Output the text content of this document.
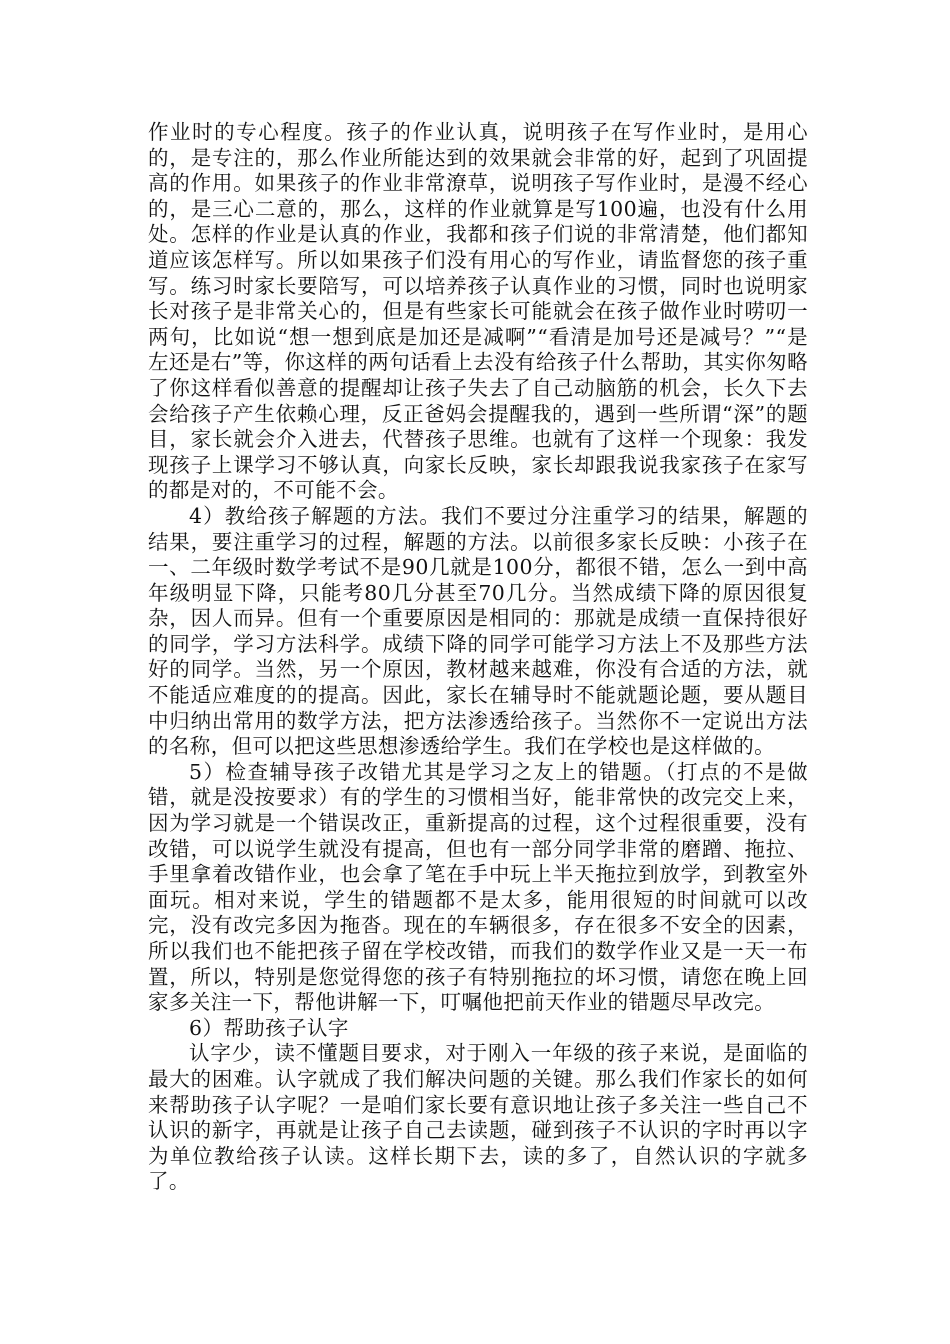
作业时的专心程度。孩子的作业认真，说明孩子在写作业时，是用心的，是专注的，那么作业所能达到的效果就会非常的好，起到了巩固提高的作用。如果孩子的作业非常潦草，说明孩子写作业时，是漫不经心的，是三心二意的，那么，这样的作业就算是写100遍，也没有什么用处。怎样的作业是认真的作业，我都和孩子们说的非常清楚，他们都知道应该怎样写。所以如果孩子们没有用心的写作业，请监督您的孩子重写。练习时家长要陪写，可以培养孩子认真作业的习惯，同时也说明家长对孩子是非常关心的，但是有些家长可能就会在孩子做作业时唠叨一两句，比如说“想一想到底是加还是减啊”“看清是加号还是减号？”“是左还是右”等，你这样的两句话看上去没有给孩子什么帮助，其实你匆略了你这样看似善意的提醒却让孩子失去了自己动脑筋的机会，长久下去会给孩子产生依赖心理，反正爸妈会提醒我的，遇到一些所谓“深”的题目，家长就会介入进去，代替孩子思维。也就有了这样一个现象：我发现孩子上课学习不够认真，向家长反映，家长却跟我说我家孩子在家写的都是对的，不可能不会。

4）教给孩子解题的方法。我们不要过分注重学习的结果，解题的结果，要注重学习的过程，解题的方法。以前很多家长反映：小孩子在一、二年级时数学考试不是90几就是100分，都很不错，怎么一到中高年级明显下降，只能考80几分甚至70几分。当然成绩下降的原因很复杂，因人而异。但有一个重要原因是相同的：那就是成绩一直保持很好的同学，学习方法科学。成绩下降的同学可能学习方法上不及那些方法好的同学。当然，另一个原因，教材越来越难，你没有合适的方法，就不能适应难度的的提高。因此，家长在辅导时不能就题论题，要从题目中归纳出常用的数学方法，把方法渗透给孩子。当然你不一定说出方法的名称，但可以把这些思想渗透给学生。我们在学校也是这样做的。

5）检查辅导孩子改错尤其是学习之友上的错题。（打点的不是做错，就是没按要求）有的学生的习惯相当好，能非常快的改完交上来，因为学习就是一个错误改正，重新提高的过程，这个过程很重要，没有改错，可以说学生就没有提高，但也有一部分同学非常的磨蹭、拖拉、手里拿着改错作业，也会拿了笔在手中玩上半天拖拉到放学，到教室外面玩。相对来说，学生的错题都不是太多，能用很短的时间就可以改完，没有改完多因为拖沓。现在的车辆很多，存在很多不安全的因素，所以我们也不能把孩子留在学校改错，而我们的数学作业又是一天一布置，所以，特别是您觉得您的孩子有特别拖拉的坏习惯，请您在晚上回家多关注一下，帮他讲解一下，叮嘱他把前天作业的错题尽早改完。

6）帮助孩子认字

认字少，读不懂题目要求，对于刚入一年级的孩子来说，是面临的最大的困难。认字就成了我们解决问题的关键。那么我们作家长的如何来帮助孩子认字呢？一是咱们家长要有意识地让孩子多关注一些自己不认识的新字，再就是让孩子自己去读题，碰到孩子不认识的字时再以字为单位教给孩子认读。这样长期下去，读的多了，自然认识的字就多了。
